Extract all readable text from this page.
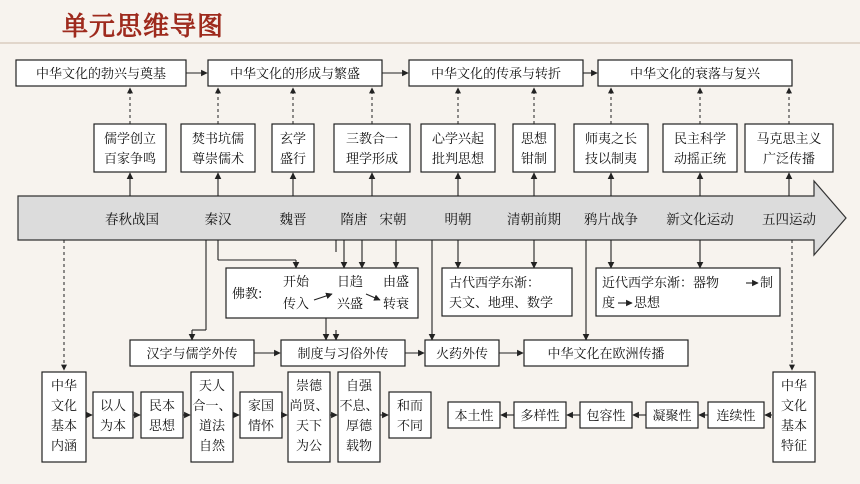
单元思维导图
中华文化的勃兴与奠基	中华文化的形成与繁盛	中华文化的传承与转折	中华文化的衰落与复兴
儒学创立
百家争鸣
焚书坑儒
尊崇儒术
玄学
盛行
三教合一
理学形成
心学兴起
批判思想
思想
钳制
师夷之长
技以制夷
民主科学
动摇正统
马克思主义
广泛传播
春秋战国	秦汉	魏晋	隋唐 宋朝	明朝	清朝前期 鸦片战争 新文化运动 五四运动
佛教:
开始
传入
日趋
兴盛
由盛
转衰
古代西学东渐：
天文、地理、数学
近代西学东渐：器物	制
度 思想
汉字与儒学外传	制度与习俗外传	火药外传	中华文化在欧洲传播
中华
文化
基本
内涵
以人
为本
民本
思想
天人
合一、
道法
自然
家国
情怀
崇德
尚贤、
天下
为公
自强
不息、
厚德
载物
和而
不同
本土性 多样性 包容性 凝聚性 连续性
中华
文化
基本
特征
